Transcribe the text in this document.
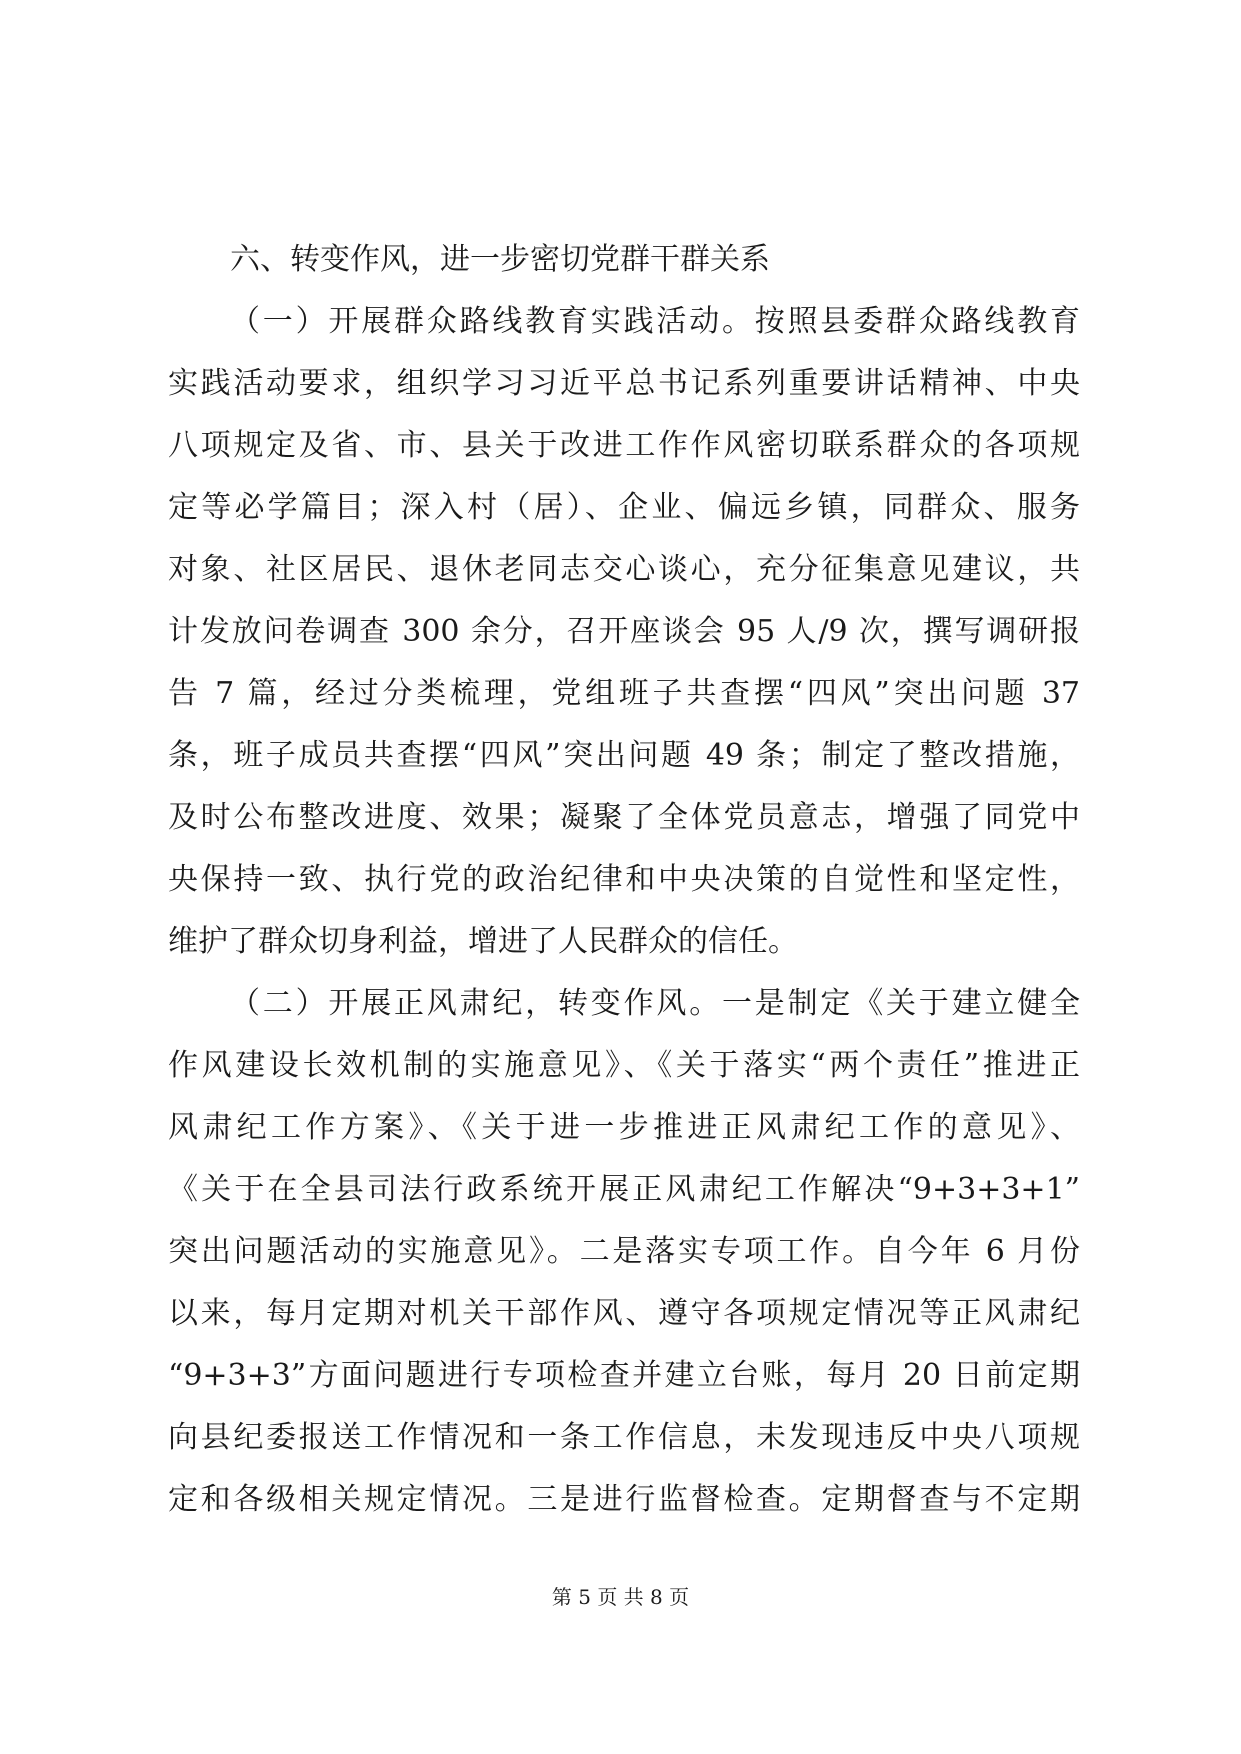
六、转变作风，进一步密切党群干群关系
（一）开展群众路线教育实践活动。按照县委群众路线教育
实践活动要求，组织学习习近平总书记系列重要讲话精神、中央
八项规定及省、市、县关于改进工作作风密切联系群众的各项规
定等必学篇目；深入村（居）、企业、偏远乡镇，同群众、服务
对象、社区居民、退休老同志交心谈心，充分征集意见建议，共
计发放问卷调查 300 余分，召开座谈会 95 人/9 次，撰写调研报
告 7 篇，经过分类梳理，党组班子共查摆“四风”突出问题 37
条，班子成员共查摆“四风”突出问题 49 条；制定了整改措施，
及时公布整改进度、效果；凝聚了全体党员意志，增强了同党中
央保持一致、执行党的政治纪律和中央决策的自觉性和坚定性，
维护了群众切身利益，增进了人民群众的信任。
（二）开展正风肃纪，转变作风。一是制定《关于建立健全
作风建设长效机制的实施意见》、《关于落实“两个责任”推进正
风肃纪工作方案》、《关于进一步推进正风肃纪工作的意见》、
《关于在全县司法行政系统开展正风肃纪工作解决“9+3+3+1”
突出问题活动的实施意见》。二是落实专项工作。自今年 6 月份
以来，每月定期对机关干部作风、遵守各项规定情况等正风肃纪
“9+3+3”方面问题进行专项检查并建立台账，每月 20 日前定期
向县纪委报送工作情况和一条工作信息，未发现违反中央八项规
定和各级相关规定情况。三是进行监督检查。定期督查与不定期
第 5 页 共 8 页
